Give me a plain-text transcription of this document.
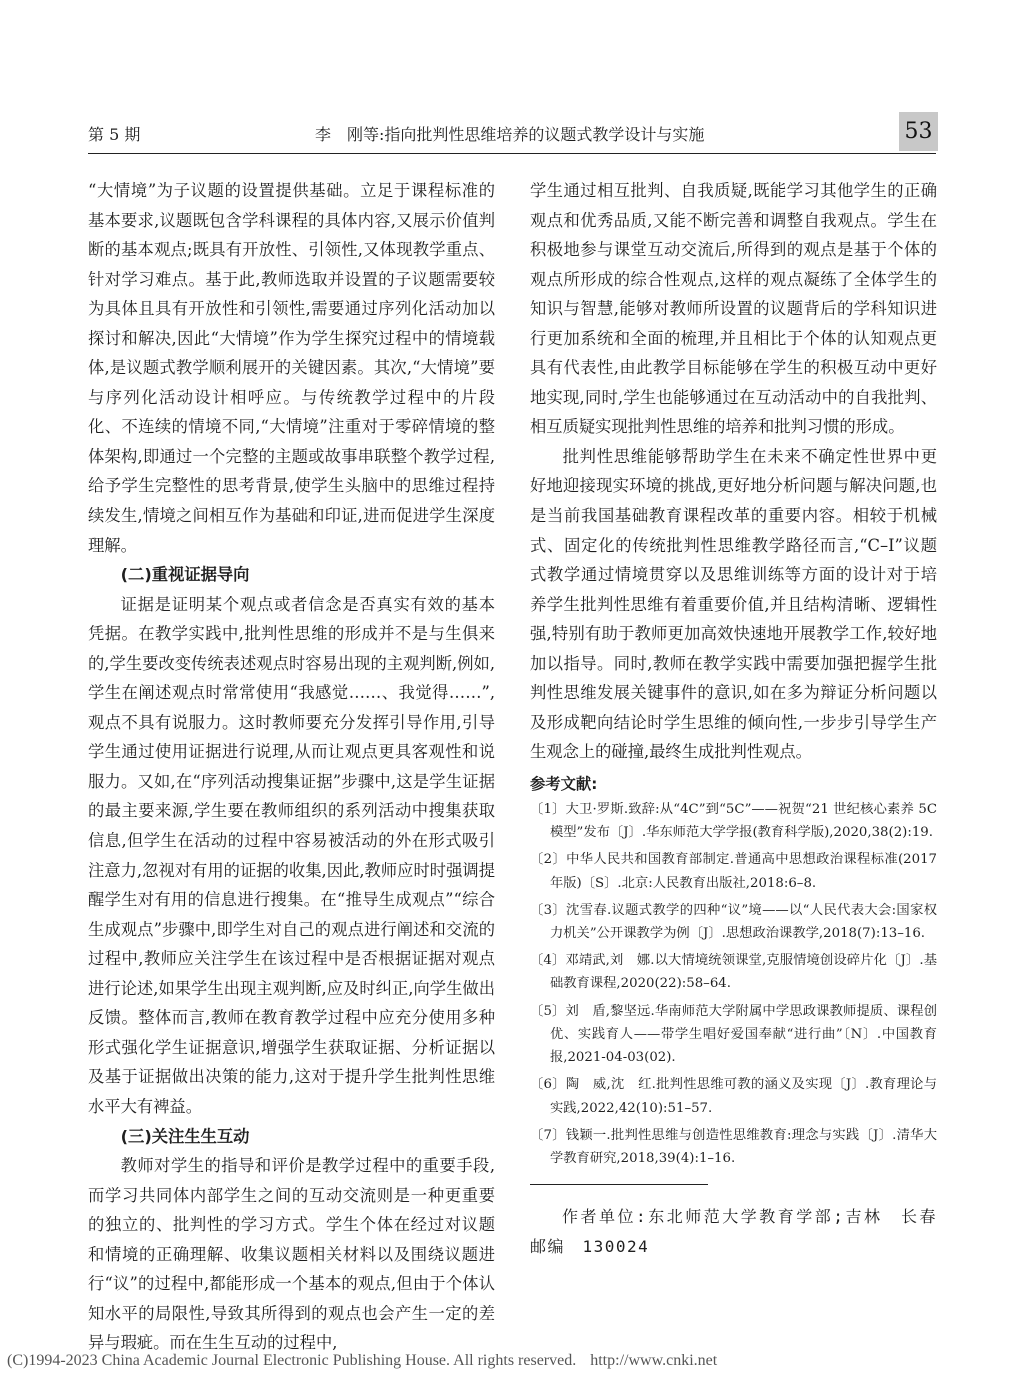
第 5 期	李　刚等:指向批判性思维培养的议题式教学设计与实施	53

“大情境”为子议题的设置提供基础。立足于课程标准的基本要求,议题既包含学科课程的具体内容,又展示价值判断的基本观点;既具有开放性、引领性,又体现教学重点、针对学习难点。基于此,教师选取并设置的子议题需要较为具体且具有开放性和引领性,需要通过序列化活动加以探讨和解决,因此“大情境”作为学生探究过程中的情境载体,是议题式教学顺利展开的关键因素。其次,“大情境”要与序列化活动设计相呼应。与传统教学过程中的片段化、不连续的情境不同,“大情境”注重对于零碎情境的整体架构,即通过一个完整的主题或故事串联整个教学过程,给予学生完整性的思考背景,使学生头脑中的思维过程持续发生,情境之间相互作为基础和印证,进而促进学生深度理解。

(二)重视证据导向

证据是证明某个观点或者信念是否真实有效的基本凭据。在教学实践中,批判性思维的形成并不是与生俱来的,学生要改变传统表述观点时容易出现的主观判断,例如,学生在阐述观点时常常使用“我感觉……、我觉得……”,观点不具有说服力。这时教师要充分发挥引导作用,引导学生通过使用证据进行说理,从而让观点更具客观性和说服力。又如,在“序列活动搜集证据”步骤中,这是学生证据的最主要来源,学生要在教师组织的系列活动中搜集获取信息,但学生在活动的过程中容易被活动的外在形式吸引注意力,忽视对有用的证据的收集,因此,教师应时时强调提醒学生对有用的信息进行搜集。在“推导生成观点”“综合生成观点”步骤中,即学生对自己的观点进行阐述和交流的过程中,教师应关注学生在该过程中是否根据证据对观点进行论述,如果学生出现主观判断,应及时纠正,向学生做出反馈。整体而言,教师在教育教学过程中应充分使用多种形式强化学生证据意识,增强学生获取证据、分析证据以及基于证据做出决策的能力,这对于提升学生批判性思维水平大有裨益。

(三)关注生生互动

教师对学生的指导和评价是教学过程中的重要手段,而学习共同体内部学生之间的互动交流则是一种更重要的独立的、批判性的学习方式。学生个体在经过对议题和情境的正确理解、收集议题相关材料以及围绕议题进行“议”的过程中,都能形成一个基本的观点,但由于个体认知水平的局限性,导致其所得到的观点也会产生一定的差异与瑕疵。而在生生互动的过程中,

学生通过相互批判、自我质疑,既能学习其他学生的正确观点和优秀品质,又能不断完善和调整自我观点。学生在积极地参与课堂互动交流后,所得到的观点是基于个体的观点所形成的综合性观点,这样的观点凝练了全体学生的知识与智慧,能够对教师所设置的议题背后的学科知识进行更加系统和全面的梳理,并且相比于个体的认知观点更具有代表性,由此教学目标能够在学生的积极互动中更好地实现,同时,学生也能够通过在互动活动中的自我批判、相互质疑实现批判性思维的培养和批判习惯的形成。

批判性思维能够帮助学生在未来不确定性世界中更好地迎接现实环境的挑战,更好地分析问题与解决问题,也是当前我国基础教育课程改革的重要内容。相较于机械式、固定化的传统批判性思维教学路径而言,“C–I”议题式教学通过情境贯穿以及思维训练等方面的设计对于培养学生批判性思维有着重要价值,并且结构清晰、逻辑性强,特别有助于教师更加高效快速地开展教学工作,较好地加以指导。同时,教师在教学实践中需要加强把握学生批判性思维发展关键事件的意识,如在多为辩证分析问题以及形成靶向结论时学生思维的倾向性,一步步引导学生产生观念上的碰撞,最终生成批判性观点。

参考文献:
〔1〕大卫·罗斯.致辞:从“4C”到“5C”——祝贺“21 世纪核心素养 5C 模型”发布〔J〕.华东师范大学学报(教育科学版),2020,38(2):19.
〔2〕中华人民共和国教育部制定.普通高中思想政治课程标准(2017 年版)〔S〕.北京:人民教育出版社,2018:6–8.
〔3〕沈雪春.议题式教学的四种“议”境——以“人民代表大会:国家权力机关”公开课教学为例〔J〕.思想政治课教学,2018(7):13–16.
〔4〕邓靖武,刘　娜.以大情境统领课堂,克服情境创设碎片化〔J〕.基础教育课程,2020(22):58–64.
〔5〕刘　盾,黎坚远.华南师范大学附属中学思政课教师提质、课程创优、实践育人——带学生唱好爱国奉献“进行曲”〔N〕.中国教育报,2021-04-03(02).
〔6〕陶　威,沈　红.批判性思维可教的涵义及实现〔J〕.教育理论与实践,2022,42(10):51–57.
〔7〕钱颖一.批判性思维与创造性思维教育:理念与实践〔J〕.清华大学教育研究,2018,39(4):1–16.
作者单位:东北师范大学教育学部;吉林　长春　邮编　130024
(C)1994-2023 China Academic Journal Electronic Publishing House. All rights reserved. http://www.cnki.net
